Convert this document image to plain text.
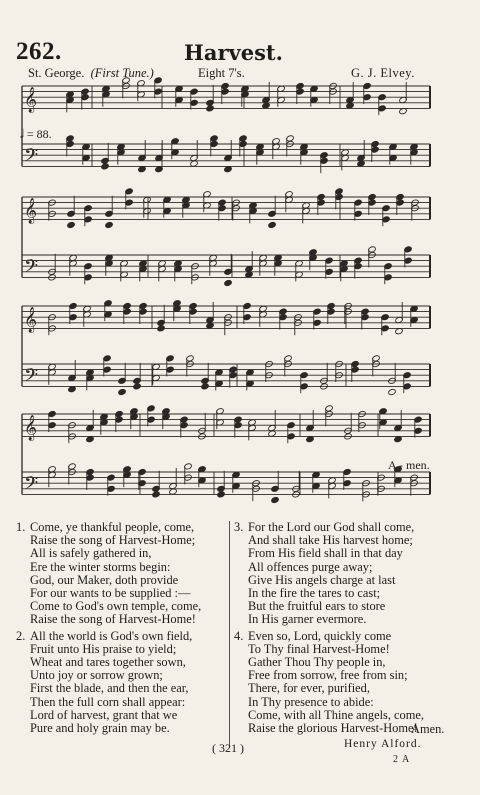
262.	Harvest.
St. George. (First Tune.)	Eight 7's.	G. J. Elvey.
𝄞
𝄢
𝄞
𝄢
𝄞
𝄢
𝄞
𝄢
𝅗𝅥 = 88.
A - men.
1. Come, ye thankful people, come,
Raise the song of Harvest-Home;
All is safely gathered in,
Ere the winter storms begin:
God, our Maker, doth provide
For our wants to be supplied :—
Come to God's own temple, come,
Raise the song of Harvest-Home!
2. All the world is God's own field,
Fruit unto His praise to yield;
Wheat and tares together sown,
Unto joy or sorrow grown;
First the blade, and then the ear,
Then the full corn shall appear:
Lord of harvest, grant that we
Pure and holy grain may be.
3. For the Lord our God shall come,
And shall take His harvest home;
From His field shall in that day
All offences purge away;
Give His angels charge at last
In the fire the tares to cast;
But the fruitful ears to store
In His garner evermore.
4. Even so, Lord, quickly come
To Thy final Harvest-Home!
Gather Thou Thy people in,
Free from sorrow, free from sin;
There, for ever, purified,
In Thy presence to abide:
Come, with all Thine angels, come,
Raise the glorious Harvest-Home!
Amen.
( 321 )	Henry Alford.
2 A
